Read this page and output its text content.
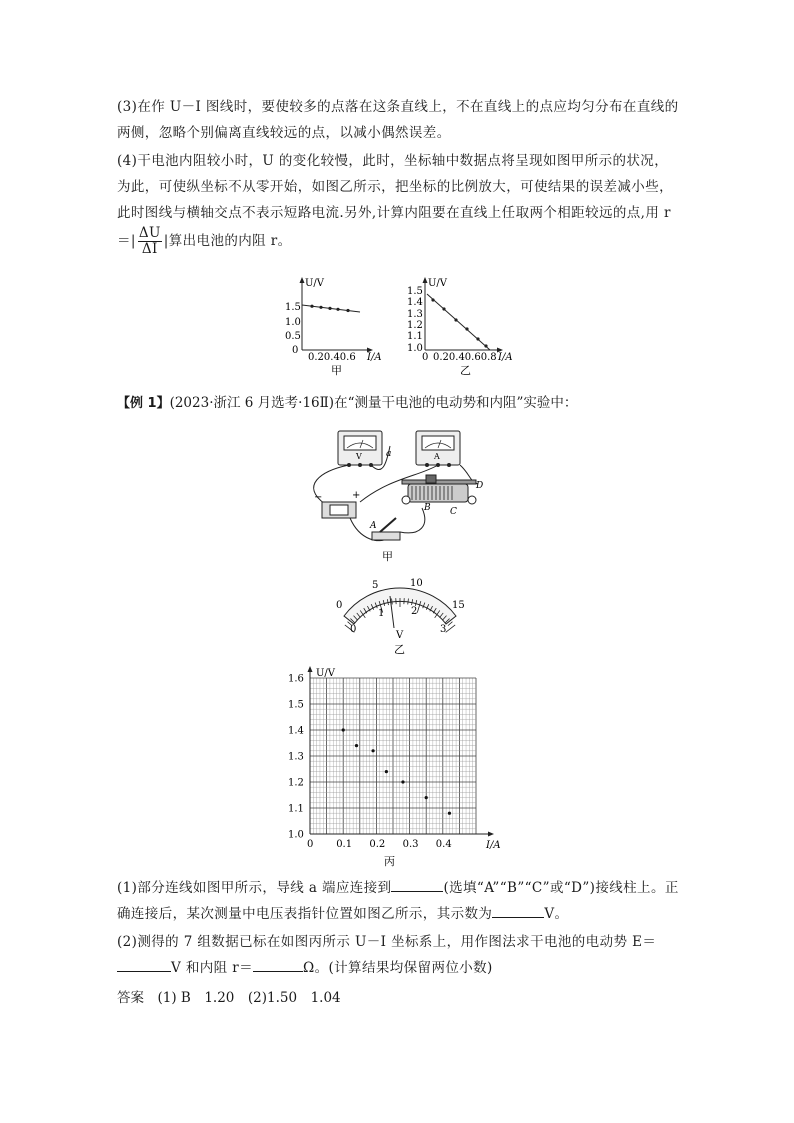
(3)在作 U－I 图线时，要使较多的点落在这条直线上，不在直线上的点应均匀分布在直线的两侧，忽略个别偏离直线较远的点，以减小偶然误差。

(4)干电池内阻较小时，U 的变化较慢，此时，坐标轴中数据点将呈现如图甲所示的状况，为此，可使纵坐标不从零开始，如图乙所示，把坐标的比例放大，可使结果的误差减小些，此时图线与横轴交点不表示短路电流.另外,计算内阻要在直线上任取两个相距较远的点,用 $r=| \frac{\Delta U}{\Delta I}$ |算出电池的内阻 r。

U/V
I/A
1.5
1.0
0.5
0
0.20.40.6
甲
U/V
I/A
1.5
1.4
1.3
1.2
1.1
1.0
0 0.20.40.60.8
乙

【例 1】(2023·浙江 6 月选考·16Ⅱ)在“测量干电池的电动势和内阻”实验中：

V	A
−	+
B C
D
A
a
甲
0
5	10
15
0
1	2
3
V
乙
U/V
I/A
1.0
1.1
1.2
1.3
1.4
1.5
1.6
0 0.1 0.2 0.3 0.4
丙

(1)部分连线如图甲所示，导线 a 端应连接到	(选填“A”“B”“C”或“D”)接线柱上。正确连接后，某次测量中电压表指针位置如图乙所示，其示数为	V。

(2)测得的 7 组数据已标在如图丙所示 U－I 坐标系上，用作图法求干电池的电动势 E＝V 和内阻 r＝	Ω。(计算结果均保留两位小数)

答案　 (1) B　1.20　(2)1.50　1.04
